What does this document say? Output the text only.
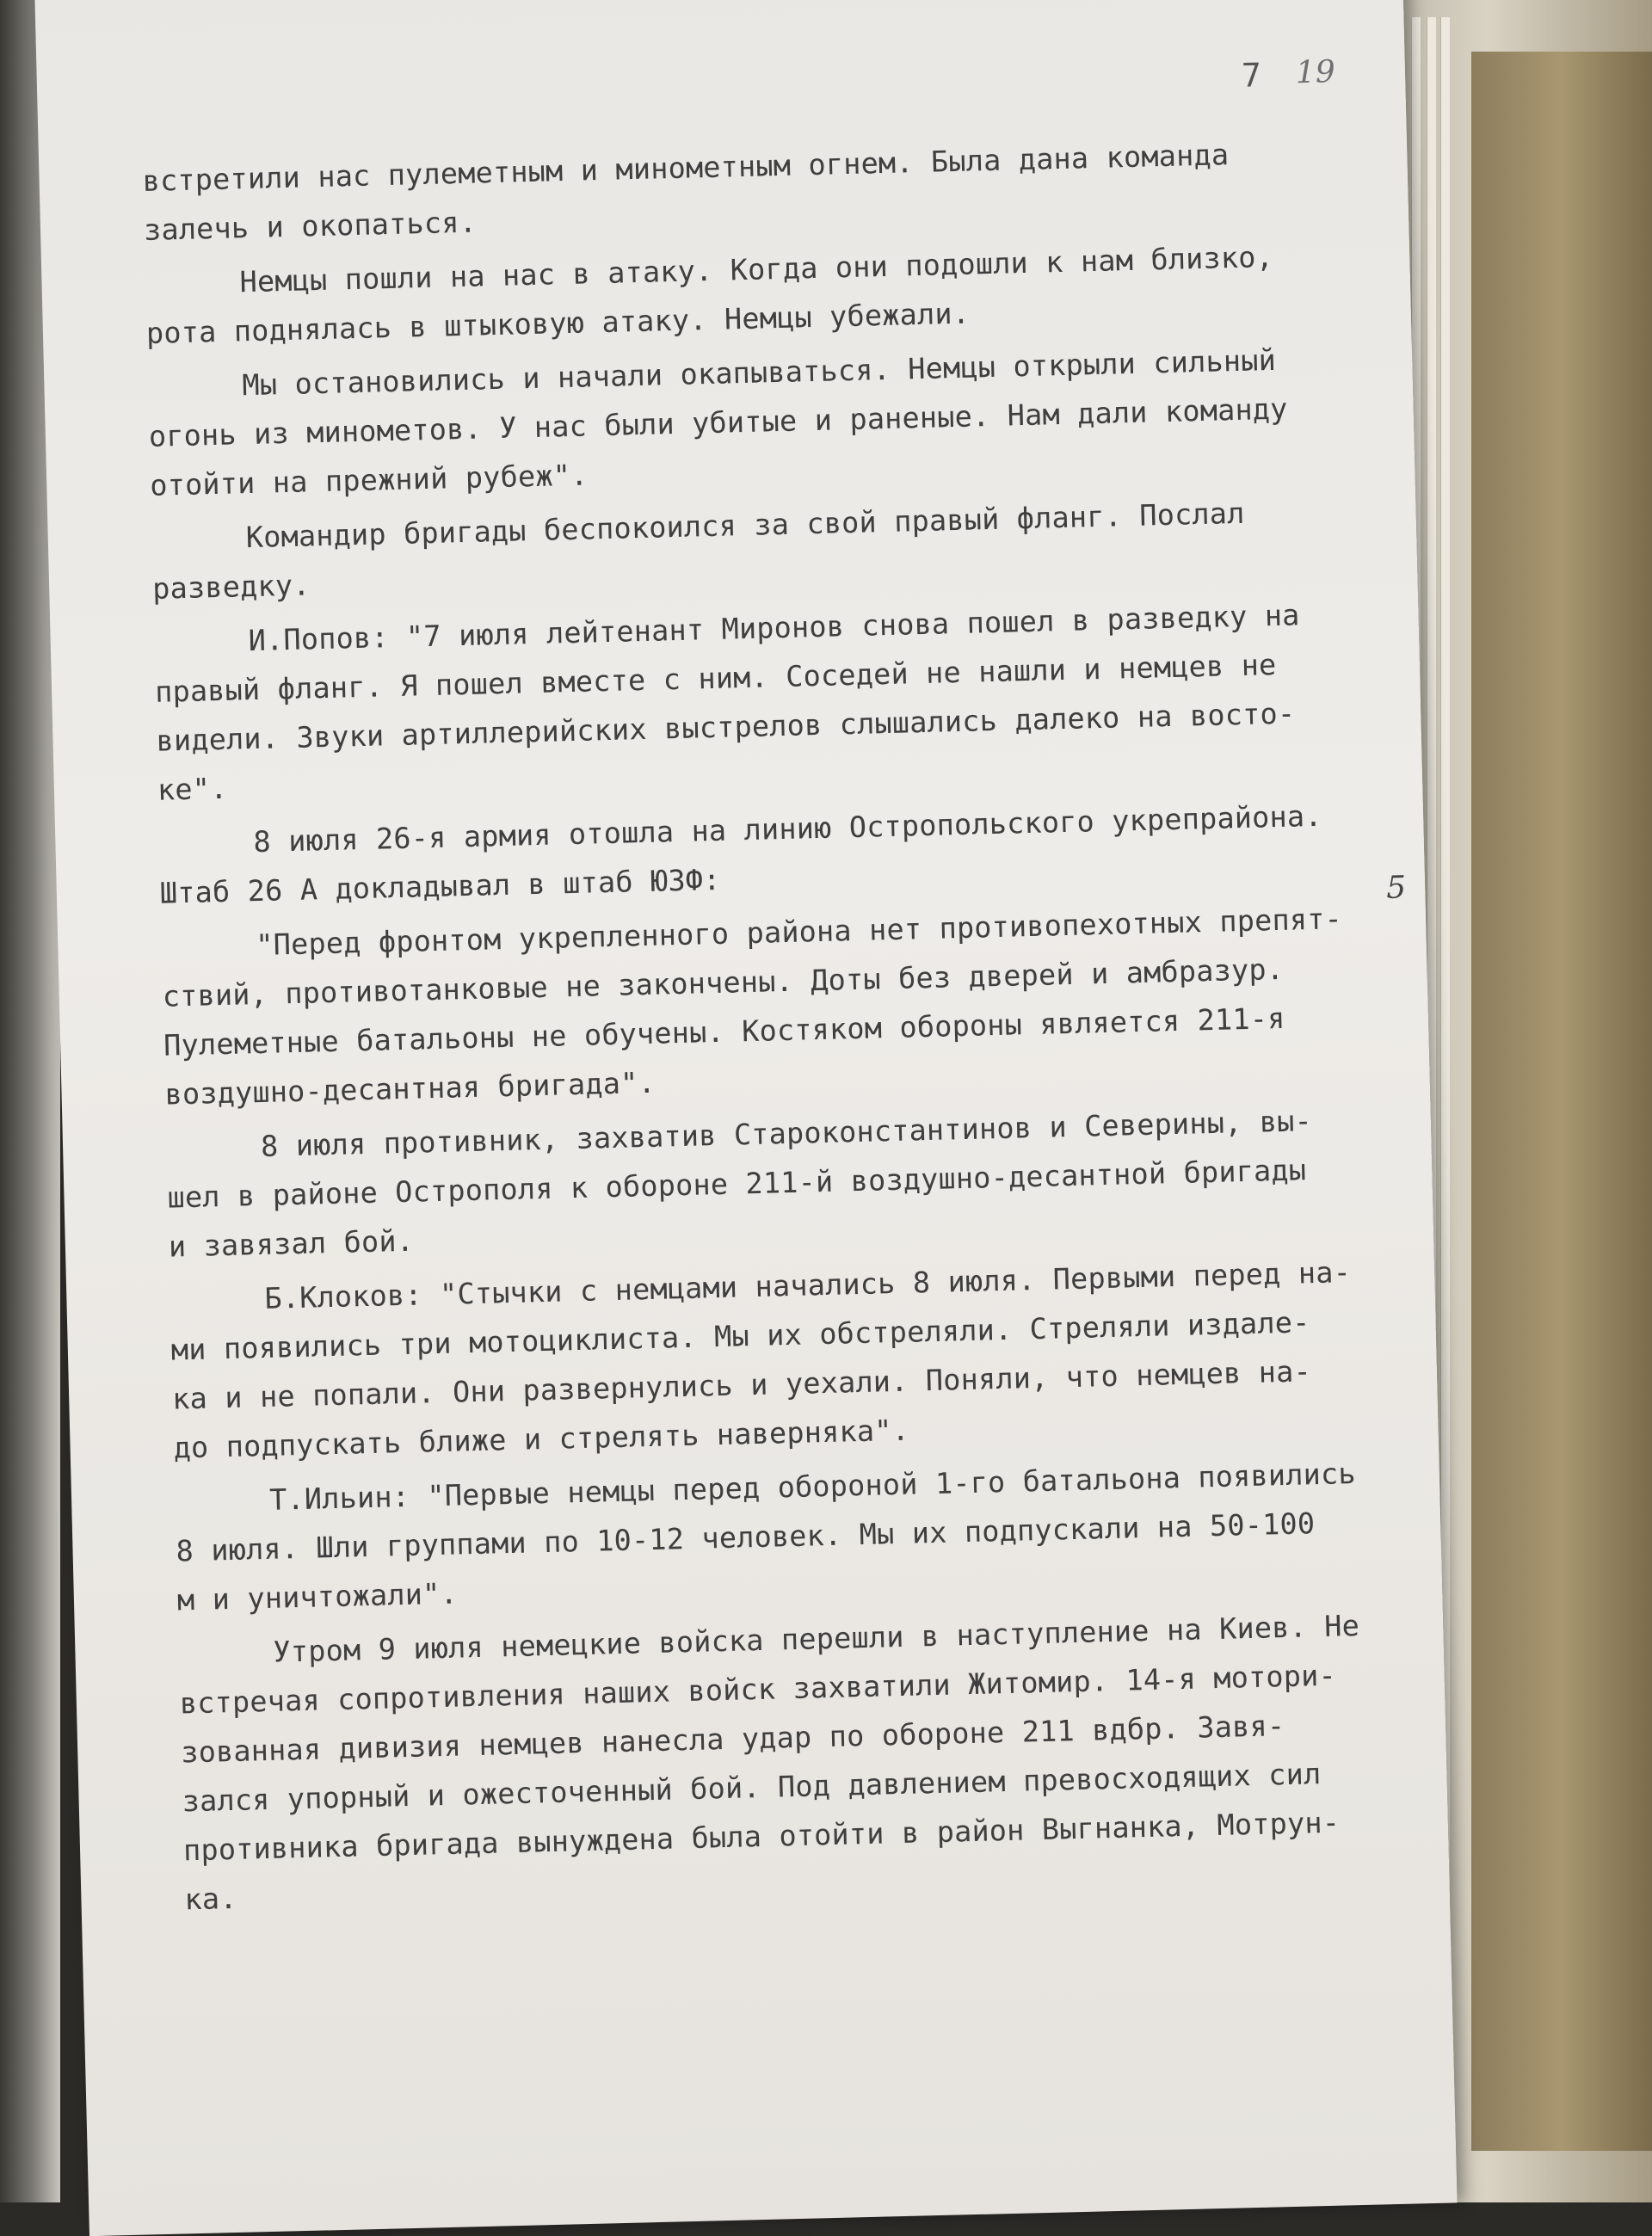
7 19
встретили нас пулеметным и минометным огнем. Была дана команда
залечь и окопаться.
Немцы пошли на нас в атаку. Когда они подошли к нам близко,
рота поднялась в штыковую атаку. Немцы убежали.
Мы остановились и начали окапываться. Немцы открыли сильный
огонь из минометов. У нас были убитые и раненые. Нам дали команду
отойти на прежний рубеж".
Командир бригады беспокоился за свой правый фланг. Послал
разведку.
И.Попов: "7 июля лейтенант Миронов снова пошел в разведку на
правый фланг. Я пошел вместе с ним. Соседей не нашли и немцев не
видели. Звуки артиллерийских выстрелов слышались далеко на восто-
ке".
8 июля 26-я армия отошла на линию Остропольского укрепрайона.
Штаб 26 А докладывал в штаб ЮЗФ:
"Перед фронтом укрепленного района нет противопехотных препят-
ствий, противотанковые не закончены. Доты без дверей и амбразур.
Пулеметные батальоны не обучены. Костяком обороны является 211-я
воздушно-десантная бригада".
8 июля противник, захватив Староконстантинов и Северины, вы-
шел в районе Острополя к обороне 211-й воздушно-десантной бригады
и завязал бой.
Б.Клоков: "Стычки с немцами начались 8 июля. Первыми перед на-
ми появились три мотоциклиста. Мы их обстреляли. Стреляли издале-
ка и не попали. Они развернулись и уехали. Поняли, что немцев на-
до подпускать ближе и стрелять наверняка".
Т.Ильин: "Первые немцы перед обороной 1-го батальона появились
8 июля. Шли группами по 10-12 человек. Мы их подпускали на 50-100
м и уничтожали".
Утром 9 июля немецкие войска перешли в наступление на Киев. Не
встречая сопротивления наших войск захватили Житомир. 14-я мотори-
зованная дивизия немцев нанесла удар по обороне 211 вдбр. Завя-
зался упорный и ожесточенный бой. Под давлением превосходящих сил
противника бригада вынуждена была отойти в район Выгнанка, Мотрун-
ка.
5
